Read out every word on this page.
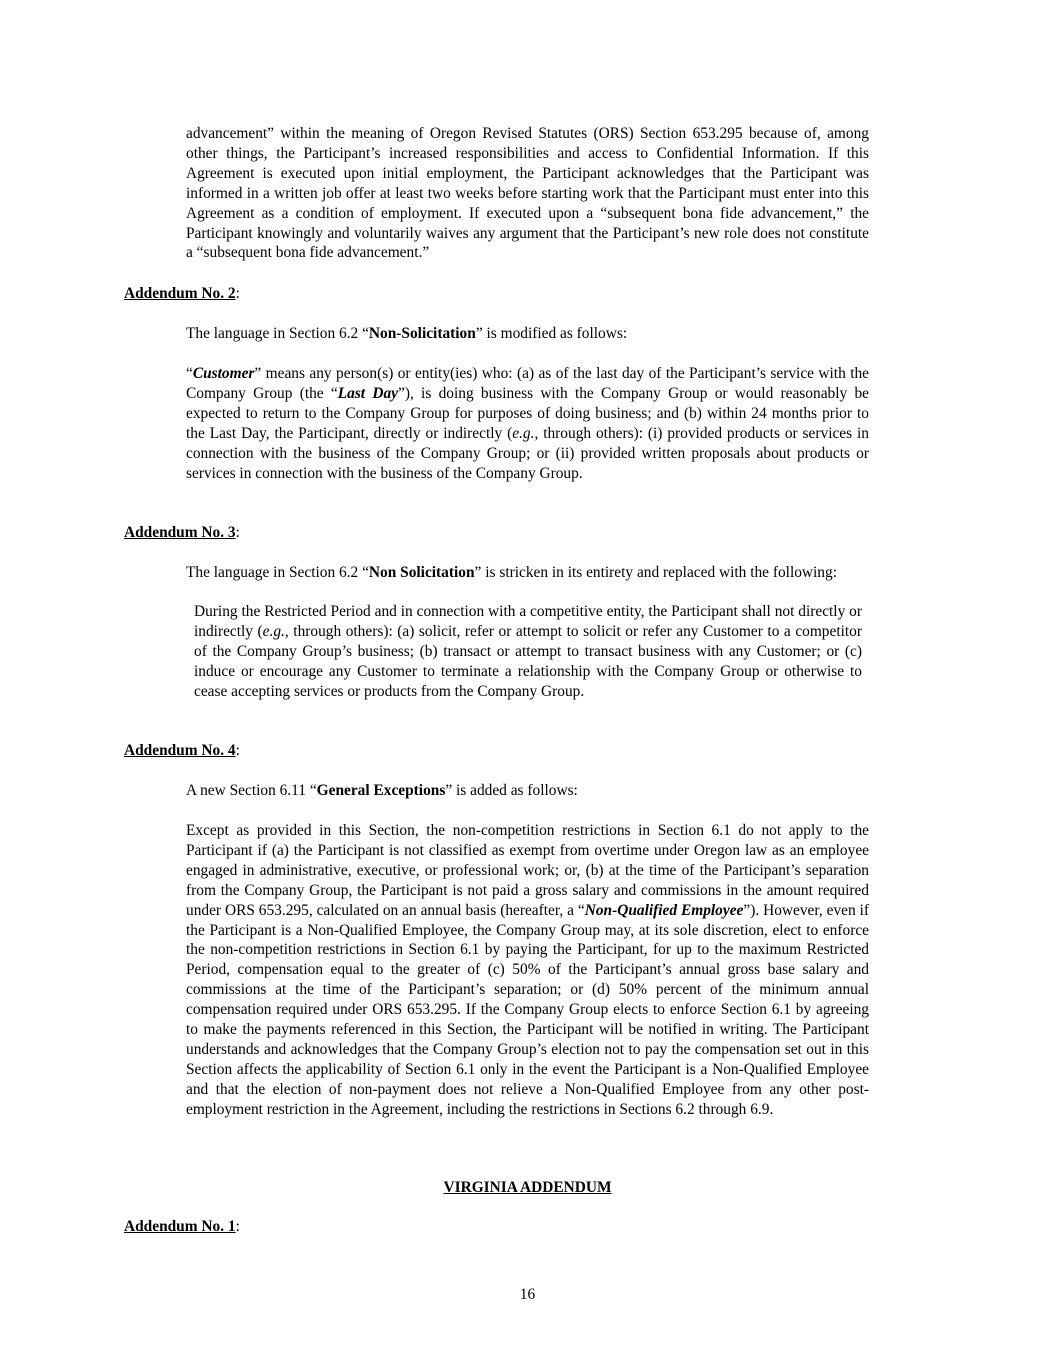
advancement” within the meaning of Oregon Revised Statutes (ORS) Section 653.295 because of, among other things, the Participant’s increased responsibilities and access to Confidential Information. If this Agreement is executed upon initial employment, the Participant acknowledges that the Participant was informed in a written job offer at least two weeks before starting work that the Participant must enter into this Agreement as a condition of employment. If executed upon a “subsequent bona fide advancement,” the Participant knowingly and voluntarily waives any argument that the Participant’s new role does not constitute a “subsequent bona fide advancement.”

Addendum No. 2:

The language in Section 6.2 “Non-Solicitation” is modified as follows:

“Customer” means any person(s) or entity(ies) who: (a) as of the last day of the Participant’s service with the Company Group (the “Last Day”), is doing business with the Company Group or would reasonably be expected to return to the Company Group for purposes of doing business; and (b) within 24 months prior to the Last Day, the Participant, directly or indirectly (e.g., through others): (i) provided products or services in connection with the business of the Company Group; or (ii) provided written proposals about products or services in connection with the business of the Company Group.

Addendum No. 3:

The language in Section 6.2 “Non Solicitation” is stricken in its entirety and replaced with the following:

During the Restricted Period and in connection with a competitive entity, the Participant shall not directly or indirectly (e.g., through others): (a) solicit, refer or attempt to solicit or refer any Customer to a competitor of the Company Group’s business; (b) transact or attempt to transact business with any Customer; or (c) induce or encourage any Customer to terminate a relationship with the Company Group or otherwise to cease accepting services or products from the Company Group.

Addendum No. 4:

A new Section 6.11 “General Exceptions” is added as follows:

Except as provided in this Section, the non-competition restrictions in Section 6.1 do not apply to the Participant if (a) the Participant is not classified as exempt from overtime under Oregon law as an employee engaged in administrative, executive, or professional work; or, (b) at the time of the Participant’s separation from the Company Group, the Participant is not paid a gross salary and commissions in the amount required under ORS 653.295, calculated on an annual basis (hereafter, a “Non-Qualified Employee”). However, even if the Participant is a Non-Qualified Employee, the Company Group may, at its sole discretion, elect to enforce the non-competition restrictions in Section 6.1 by paying the Participant, for up to the maximum Restricted Period, compensation equal to the greater of (c) 50% of the Participant’s annual gross base salary and commissions at the time of the Participant’s separation; or (d) 50% percent of the minimum annual compensation required under ORS 653.295. If the Company Group elects to enforce Section 6.1 by agreeing to make the payments referenced in this Section, the Participant will be notified in writing. The Participant understands and acknowledges that the Company Group’s election not to pay the compensation set out in this Section affects the applicability of Section 6.1 only in the event the Participant is a Non-Qualified Employee and that the election of non-payment does not relieve a Non-Qualified Employee from any other post-employment restriction in the Agreement, including the restrictions in Sections 6.2 through 6.9.

VIRGINIA ADDENDUM

Addendum No. 1:

16
